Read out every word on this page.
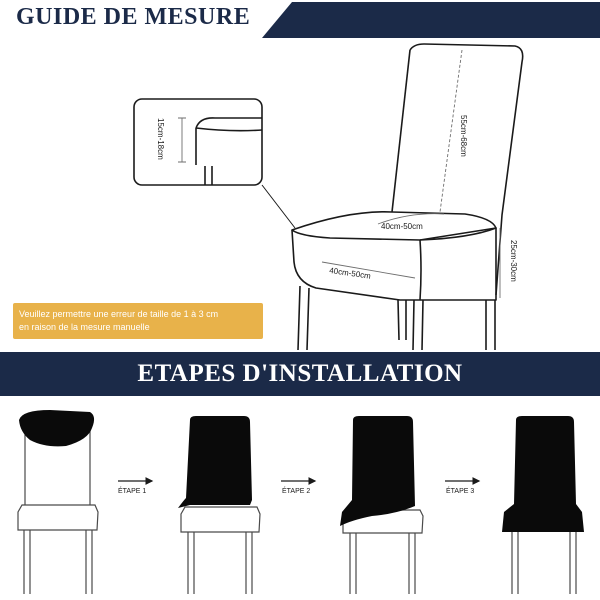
GUIDE DE MESURE
55cm-68cm
40cm-50cm
40cm-50cm
15cm-18cm
25cm-30cm
Veuillez permettre une erreur de taille de 1 à 3 cm
en raison de la mesure manuelle
ETAPES D'INSTALLATION
ÉTAPE 1	ÉTAPE 2	ÉTAPE 3
